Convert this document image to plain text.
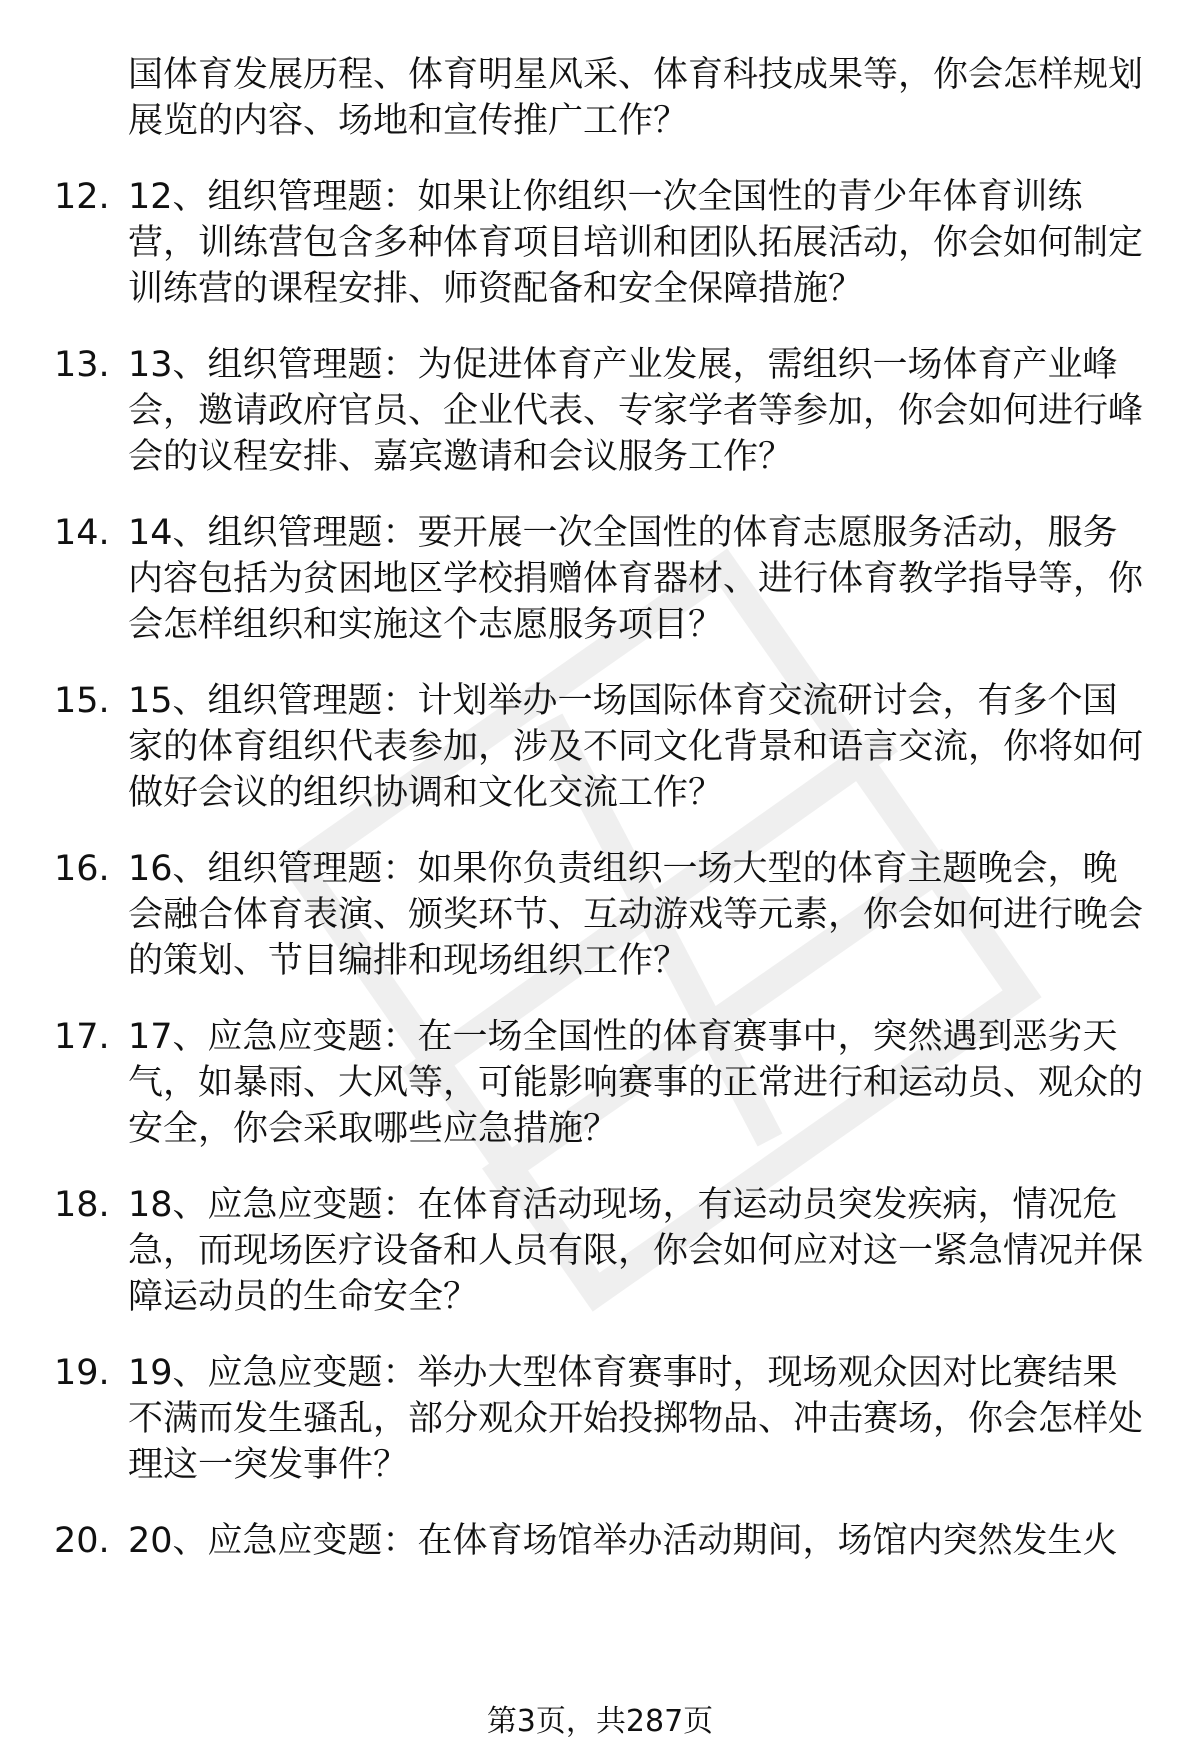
国体育发展历程、体育明星风采、体育科技成果等，你会怎样规划展览的内容、场地和宣传推广工作？
12. 12、组织管理题：如果让你组织一次全国性的青少年体育训练营，训练营包含多种体育项目培训和团队拓展活动，你会如何制定训练营的课程安排、师资配备和安全保障措施？
13. 13、组织管理题：为促进体育产业发展，需组织一场体育产业峰会，邀请政府官员、企业代表、专家学者等参加，你会如何进行峰会的议程安排、嘉宾邀请和会议服务工作？
14. 14、组织管理题：要开展一次全国性的体育志愿服务活动，服务内容包括为贫困地区学校捐赠体育器材、进行体育教学指导等，你会怎样组织和实施这个志愿服务项目？
15. 15、组织管理题：计划举办一场国际体育交流研讨会，有多个国家的体育组织代表参加，涉及不同文化背景和语言交流，你将如何做好会议的组织协调和文化交流工作？
16. 16、组织管理题：如果你负责组织一场大型的体育主题晚会，晚会融合体育表演、颁奖环节、互动游戏等元素，你会如何进行晚会的策划、节目编排和现场组织工作？
17. 17、应急应变题：在一场全国性的体育赛事中，突然遇到恶劣天气，如暴雨、大风等，可能影响赛事的正常进行和运动员、观众的安全，你会采取哪些应急措施？
18. 18、应急应变题：在体育活动现场，有运动员突发疾病，情况危急，而现场医疗设备和人员有限，你会如何应对这一紧急情况并保障运动员的生命安全？
19. 19、应急应变题：举办大型体育赛事时，现场观众因对比赛结果不满而发生骚乱，部分观众开始投掷物品、冲击赛场，你会怎样处理这一突发事件？
20. 20、应急应变题：在体育场馆举办活动期间，场馆内突然发生火
第3页，共287页
